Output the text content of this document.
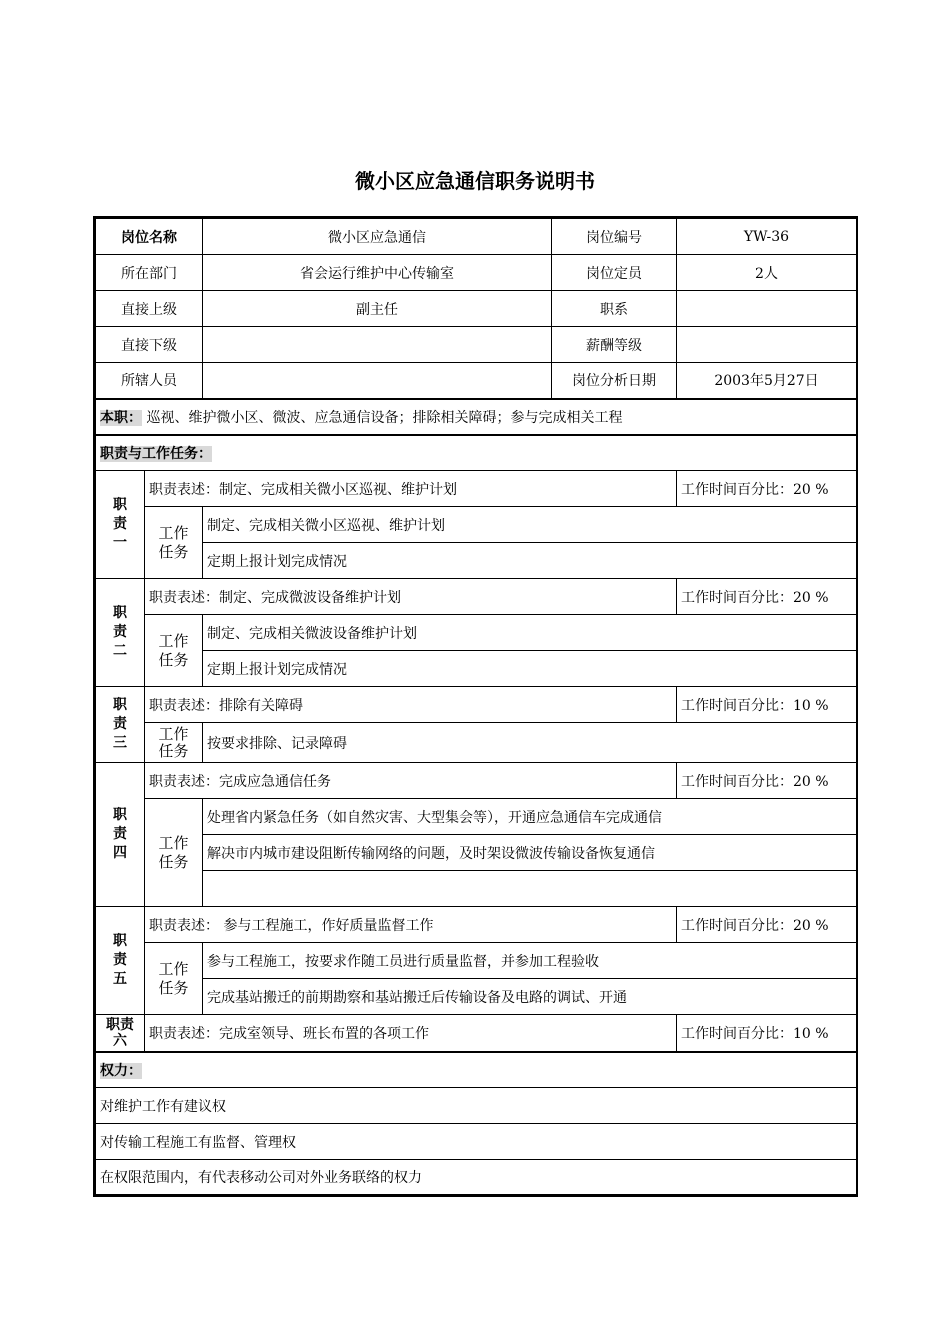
微小区应急通信职务说明书
岗位名称		微小区应急通信	岗位编号	YW-36
所在部门		省会运行维护中心传输室	岗位定员	2人
直接上级		副主任	职系	
直接下级			薪酬等级	
所辖人员			岗位分析日期	2003年5月27日
本职： 巡视、维护微小区、微波、应急通信设备；排除相关障碍；参与完成相关工程				
职责与工作任务：				

职
责
一	职责表述：制定、完成相关微小区巡视、维护计划			工作时间百分比：20 %

	工作
任务	制定、完成相关微小区巡视、维护计划		
		定期上报计划完成情况		

职
责
二	职责表述：制定、完成微波设备维护计划			工作时间百分比：20 %

	工作
任务	制定、完成相关微波设备维护计划		
		定期上报计划完成情况		

职
责
三	职责表述：排除有关障碍			工作时间百分比：10 %

	工作
任务	按要求排除、记录障碍		

职
责
四	职责表述：完成应急通信任务			工作时间百分比：20 %

	工作
任务	处理省内紧急任务（如自然灾害、大型集会等），开通应急通信车完成通信		
		解决市内城市建设阻断传输网络的问题，及时架设微波传输设备恢复通信		

职
责
五	职责表述： 参与工程施工，作好质量监督工作			工作时间百分比：20 %

	工作
任务	参与工程施工，按要求作随工员进行质量监督，并参加工程验收		
		完成基站搬迁的前期勘察和基站搬迁后传输设备及电路的调试、开通		

职责
六	职责表述：完成室领导、班长布置的各项工作			工作时间百分比：10 %
权力：				
对维护工作有建议权				
对传输工程施工有监督、管理权				
在权限范围内，有代表移动公司对外业务联络的权力				
